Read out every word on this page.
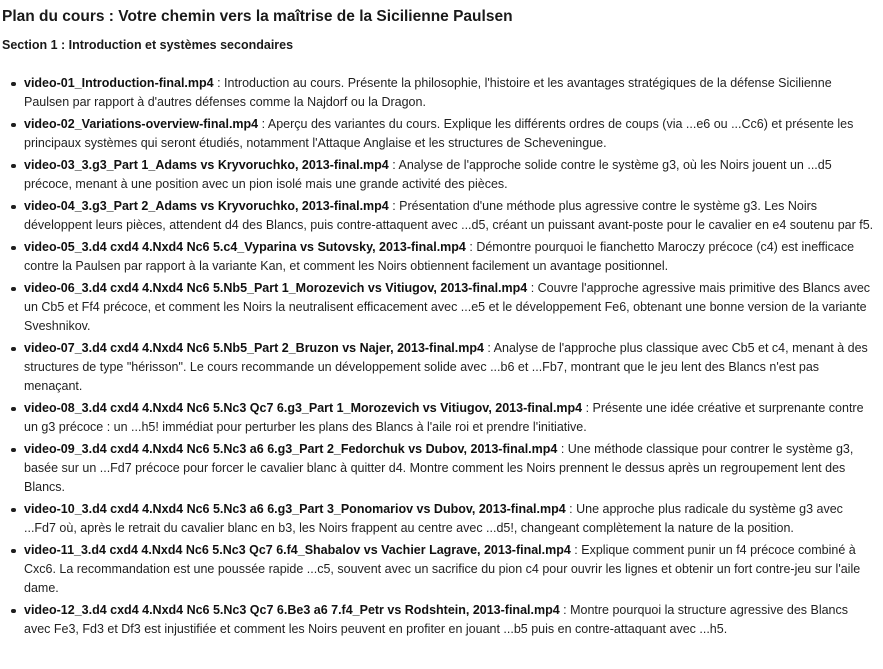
Plan du cours : Votre chemin vers la maîtrise de la Sicilienne Paulsen
Section 1 : Introduction et systèmes secondaires
video-01_Introduction-final.mp4 : Introduction au cours. Présente la philosophie, l'histoire et les avantages stratégiques de la défense Sicilienne Paulsen par rapport à d'autres défenses comme la Najdorf ou la Dragon.
video-02_Variations-overview-final.mp4 : Aperçu des variantes du cours. Explique les différents ordres de coups (via ...e6 ou ...Cc6) et présente les principaux systèmes qui seront étudiés, notamment l'Attaque Anglaise et les structures de Scheveningue.
video-03_3.g3_Part 1_Adams vs Kryvoruchko, 2013-final.mp4 : Analyse de l'approche solide contre le système g3, où les Noirs jouent un ...d5 précoce, menant à une position avec un pion isolé mais une grande activité des pièces.
video-04_3.g3_Part 2_Adams vs Kryvoruchko, 2013-final.mp4 : Présentation d'une méthode plus agressive contre le système g3. Les Noirs développent leurs pièces, attendent d4 des Blancs, puis contre-attaquent avec ...d5, créant un puissant avant-poste pour le cavalier en e4 soutenu par f5.
video-05_3.d4 cxd4 4.Nxd4 Nc6 5.c4_Vyparina vs Sutovsky, 2013-final.mp4 : Démontre pourquoi le fianchetto Maroczy précoce (c4) est inefficace contre la Paulsen par rapport à la variante Kan, et comment les Noirs obtiennent facilement un avantage positionnel.
video-06_3.d4 cxd4 4.Nxd4 Nc6 5.Nb5_Part 1_Morozevich vs Vitiugov, 2013-final.mp4 : Couvre l'approche agressive mais primitive des Blancs avec un Cb5 et Ff4 précoce, et comment les Noirs la neutralisent efficacement avec ...e5 et le développement Fe6, obtenant une bonne version de la variante Sveshnikov.
video-07_3.d4 cxd4 4.Nxd4 Nc6 5.Nb5_Part 2_Bruzon vs Najer, 2013-final.mp4 : Analyse de l'approche plus classique avec Cb5 et c4, menant à des structures de type "hérisson". Le cours recommande un développement solide avec ...b6 et ...Fb7, montrant que le jeu lent des Blancs n'est pas menaçant.
video-08_3.d4 cxd4 4.Nxd4 Nc6 5.Nc3 Qc7 6.g3_Part 1_Morozevich vs Vitiugov, 2013-final.mp4 : Présente une idée créative et surprenante contre un g3 précoce : un ...h5! immédiat pour perturber les plans des Blancs à l'aile roi et prendre l'initiative.
video-09_3.d4 cxd4 4.Nxd4 Nc6 5.Nc3 a6 6.g3_Part 2_Fedorchuk vs Dubov, 2013-final.mp4 : Une méthode classique pour contrer le système g3, basée sur un ...Fd7 précoce pour forcer le cavalier blanc à quitter d4. Montre comment les Noirs prennent le dessus après un regroupement lent des Blancs.
video-10_3.d4 cxd4 4.Nxd4 Nc6 5.Nc3 a6 6.g3_Part 3_Ponomariov vs Dubov, 2013-final.mp4 : Une approche plus radicale du système g3 avec ...Fd7 où, après le retrait du cavalier blanc en b3, les Noirs frappent au centre avec ...d5!, changeant complètement la nature de la position.
video-11_3.d4 cxd4 4.Nxd4 Nc6 5.Nc3 Qc7 6.f4_Shabalov vs Vachier Lagrave, 2013-final.mp4 : Explique comment punir un f4 précoce combiné à Cxc6. La recommandation est une poussée rapide ...c5, souvent avec un sacrifice du pion c4 pour ouvrir les lignes et obtenir un fort contre-jeu sur l'aile dame.
video-12_3.d4 cxd4 4.Nxd4 Nc6 5.Nc3 Qc7 6.Be3 a6 7.f4_Petr vs Rodshtein, 2013-final.mp4 : Montre pourquoi la structure agressive des Blancs avec Fe3, Fd3 et Df3 est injustifiée et comment les Noirs peuvent en profiter en jouant ...b5 puis en contre-attaquant avec ...h5.
